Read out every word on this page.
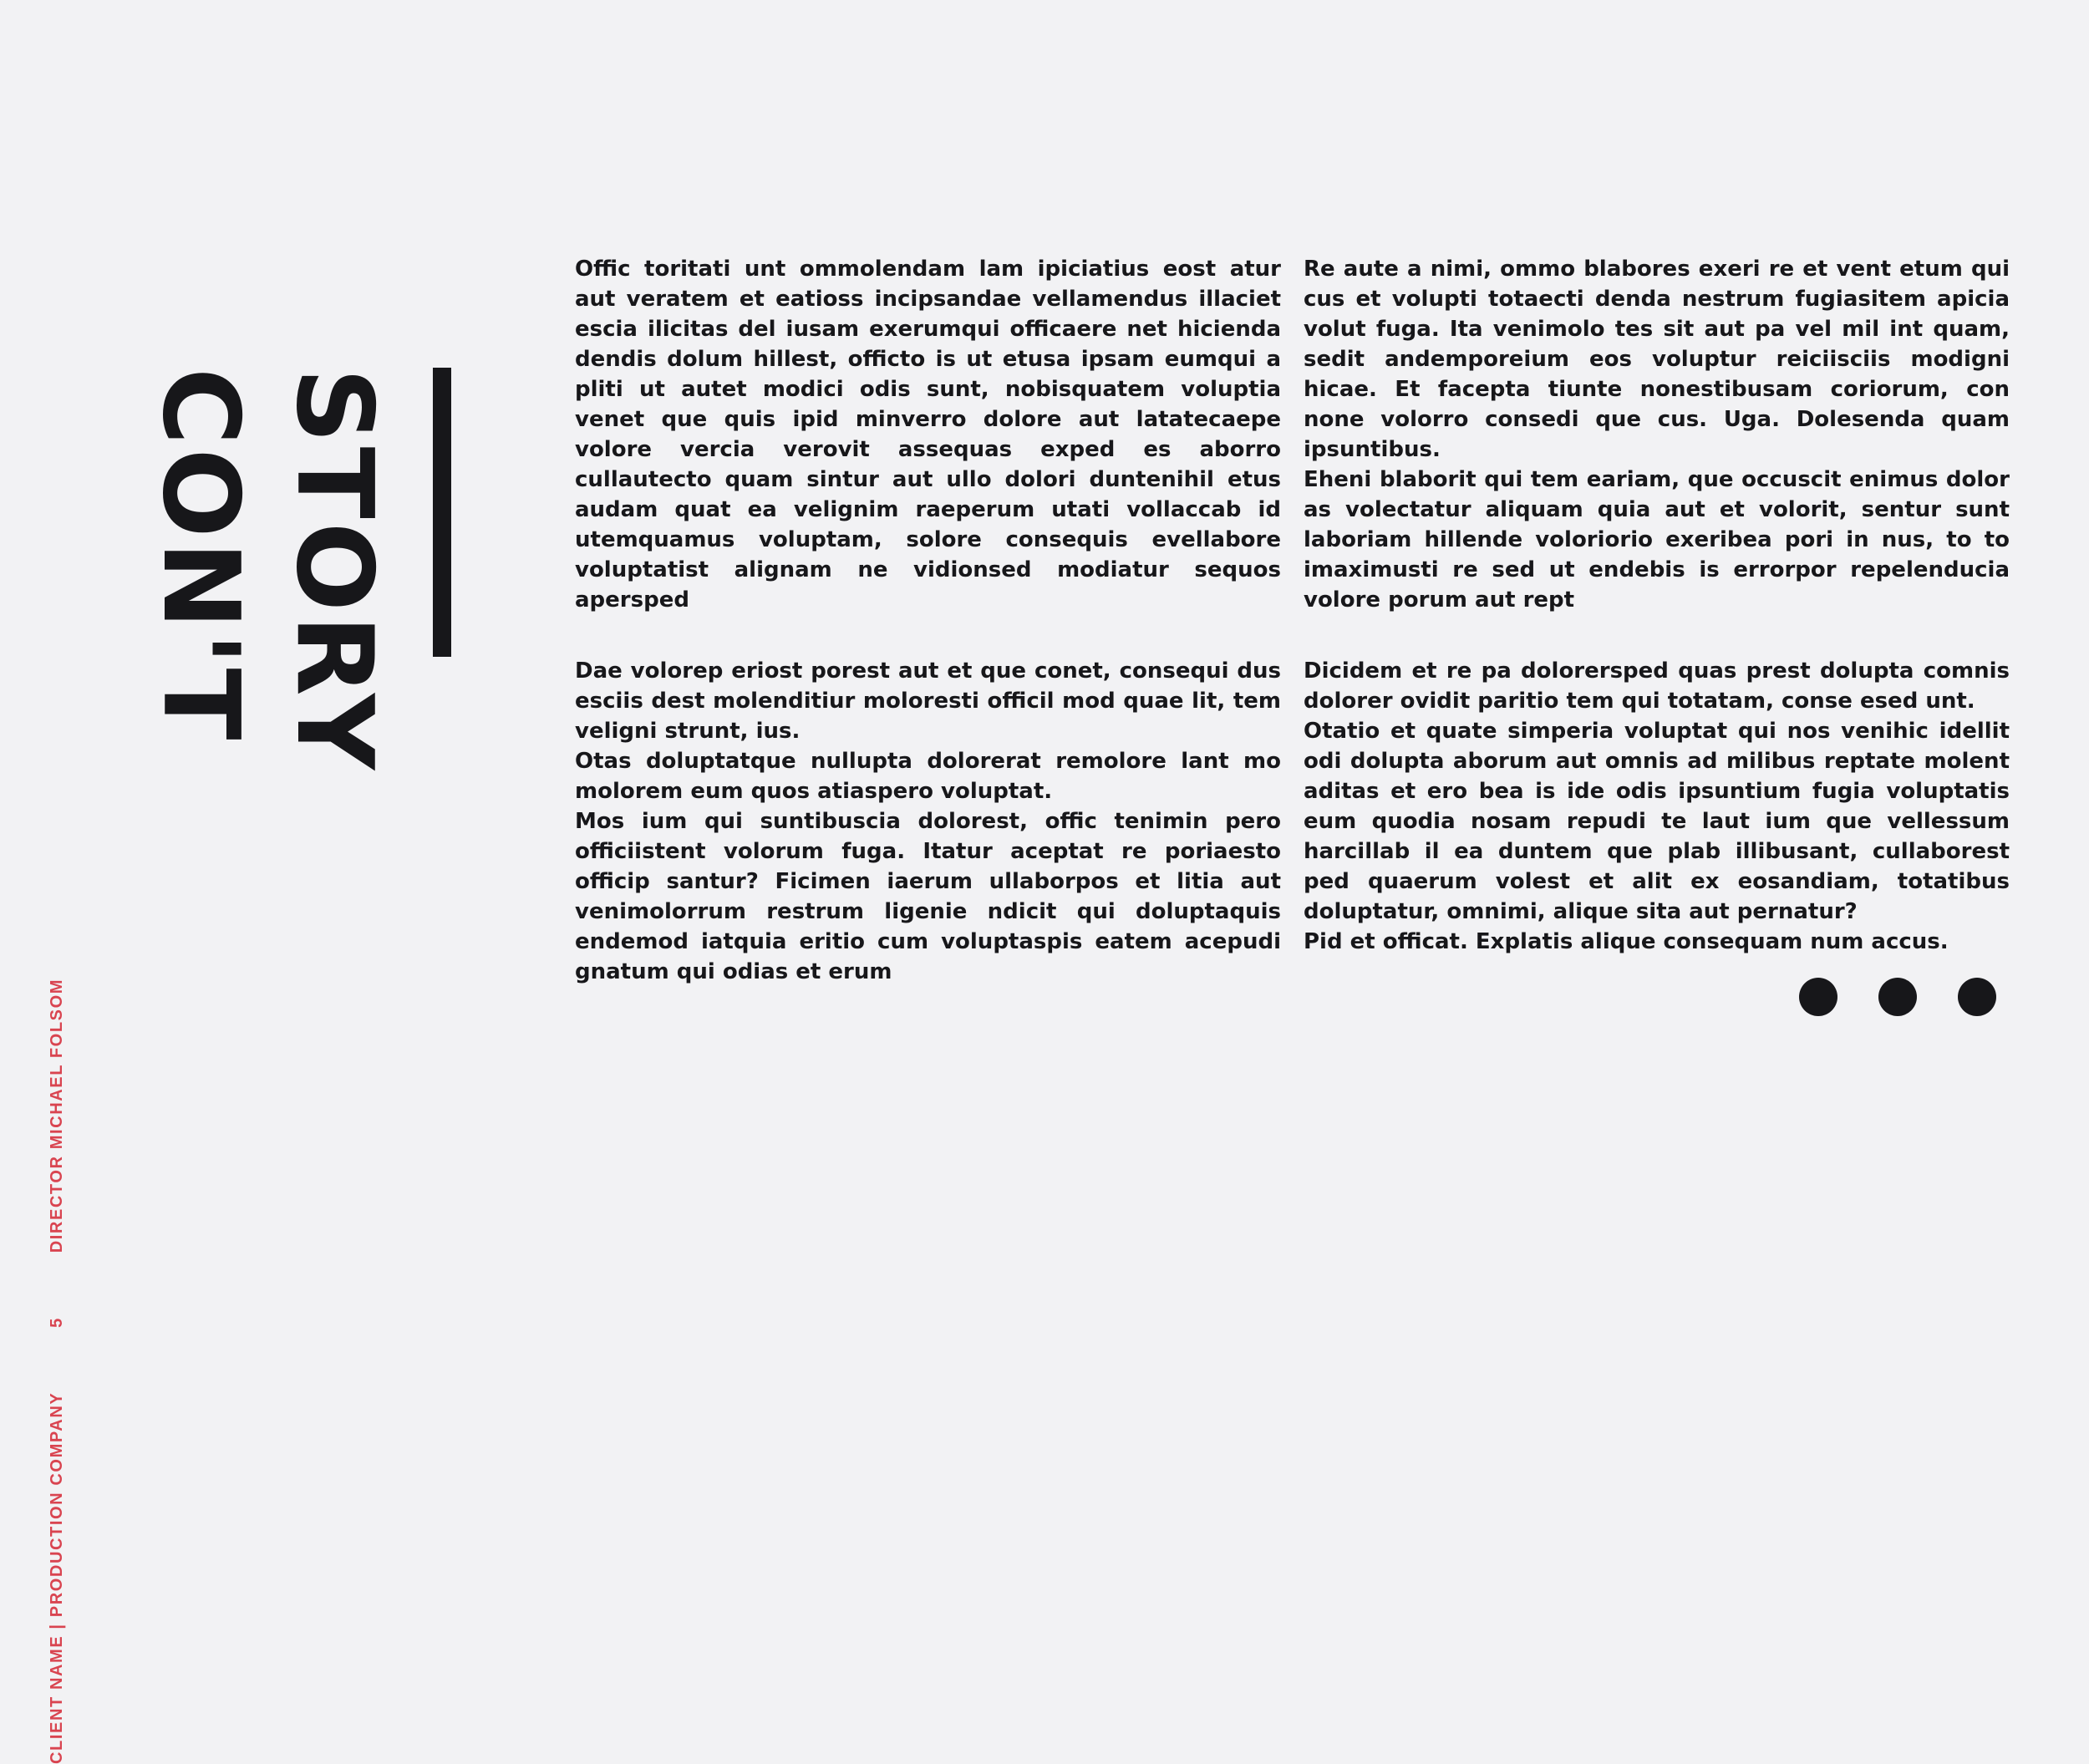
CLIENT NAME | PRODUCTION COMPANY
5
DIRECTOR MICHAEL FOLSOM
STORY
CON'T

Offic toritati unt ommolendam lam ipiciatius eost atur aut veratem et eatioss incipsandae vellamendus illaciet escia ilicitas del iusam exerumqui officaere net hicienda dendis dolum hillest, officto is ut etusa ipsam eumqui a pliti ut autet modici odis sunt, nobisquatem voluptia venet que quis ipid minverro dolore aut latatecaepe volore vercia verovit assequas exped es aborro cullautecto quam sintur aut ullo dolori duntenihil etus audam quat ea velignim raeperum utati vollaccab id utemquamus voluptam, solore consequis evellabore voluptatist alignam ne vidionsed modiatur sequos apersped

Dae volorep eriost porest aut et que conet, consequi dus esciis dest molenditiur moloresti officil mod quae lit, tem veligni strunt, ius.

Otas doluptatque nullupta dolorerat remolore lant mo molorem eum quos atiaspero voluptat.

Mos ium qui suntibuscia dolorest, offic tenimin pero officiistent volorum fuga. Itatur aceptat re poriaesto officip santur? Ficimen iaerum ullaborpos et litia aut venimolorrum restrum ligenie ndicit qui doluptaquis endemod iatquia eritio cum voluptaspis eatem acepudi gnatum qui odias et erum

Re aute a nimi, ommo blabores exeri re et vent etum qui cus et volupti totaecti denda nestrum fugiasitem apicia volut fuga. Ita venimolo tes sit aut pa vel mil int quam, sedit andemporeium eos voluptur reiciisciis modigni hicae. Et facepta tiunte nonestibusam coriorum, con none volorro consedi que cus. Uga. Dolesenda quam ipsuntibus.

Eheni blaborit qui tem eariam, que occuscit enimus dolor as volectatur aliquam quia aut et volorit, sentur sunt laboriam hillende voloriorio exeribea pori in nus, to to imaximusti re sed ut endebis is errorpor repelenducia volore porum aut rept

Dicidem et re pa dolorersped quas prest dolupta comnis dolorer ovidit paritio tem qui totatam, conse esed unt.

Otatio et quate simperia voluptat qui nos venihic idellit odi dolupta aborum aut omnis ad milibus reptate molent aditas et ero bea is ide odis ipsuntium fugia voluptatis eum quodia nosam repudi te laut ium que vellessum harcillab il ea duntem que plab illibusant, cullaborest ped quaerum volest et alit ex eosandiam, totatibus doluptatur, omnimi, alique sita aut pernatur?

Pid et officat. Explatis alique consequam num accus.
